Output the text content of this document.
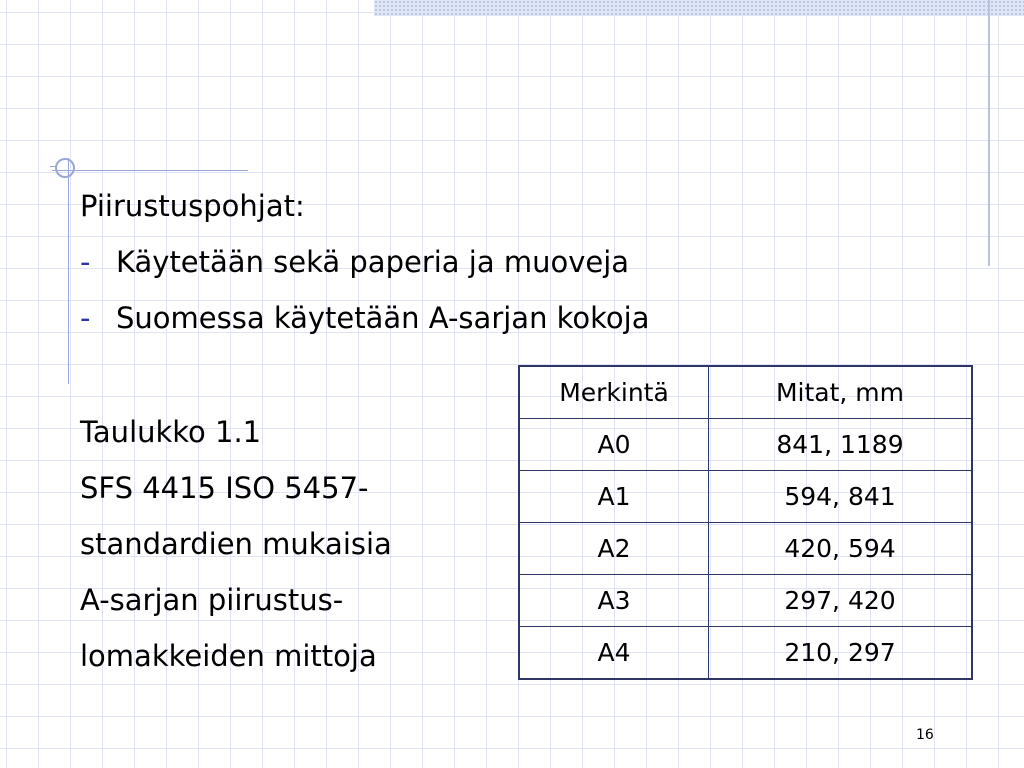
Piirustuspohjat:
- Käytetään sekä paperia ja muoveja
- Suomessa käytetään A-sarjan kokoja
Taulukko 1.1
SFS 4415 ISO 5457-
standardien mukaisia
A-sarjan piirustus-
lomakkeiden mittoja
Merkintä	Mitat, mm
A0	841, 1189
A1	594, 841
A2	420, 594
A3	297, 420
A4	210, 297
16
